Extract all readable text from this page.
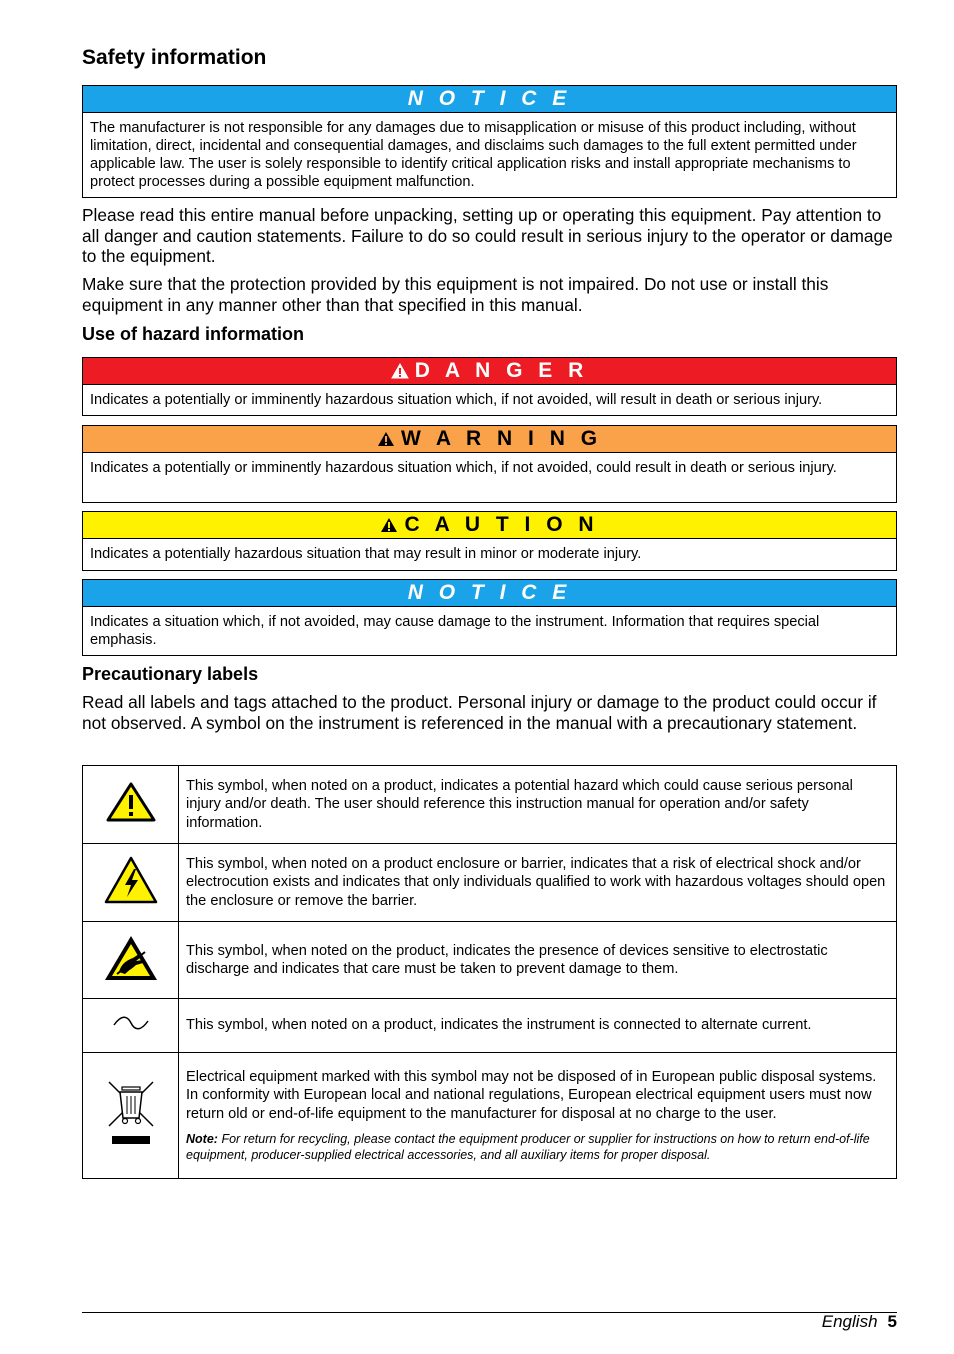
Safety information
N O T I C E
The manufacturer is not responsible for any damages due to misapplication or misuse of this product including, without limitation, direct, incidental and consequential damages, and disclaims such damages to the full extent permitted under applicable law. The user is solely responsible to identify critical application risks and install appropriate mechanisms to protect processes during a possible equipment malfunction.

Please read this entire manual before unpacking, setting up or operating this equipment. Pay attention to all danger and caution statements. Failure to do so could result in serious injury to the operator or damage to the equipment.

Make sure that the protection provided by this equipment is not impaired. Do not use or install this equipment in any manner other than that specified in this manual.

Use of hazard information
D A N G E R
Indicates a potentially or imminently hazardous situation which, if not avoided, will result in death or serious injury.
W A R N I N G
Indicates a potentially or imminently hazardous situation which, if not avoided, could result in death or serious injury.
C A U T I O N
Indicates a potentially hazardous situation that may result in minor or moderate injury.
N O T I C E
Indicates a situation which, if not avoided, may cause damage to the instrument. Information that requires special emphasis.
Precautionary labels

Read all labels and tags attached to the product. Personal injury or damage to the product could occur if not observed. A symbol on the instrument is referenced in the manual with a precautionary statement.

	This symbol, when noted on a product, indicates a potential hazard which could cause serious personal injury and/or death. The user should reference this instruction manual for operation and/or safety information.
	This symbol, when noted on a product enclosure or barrier, indicates that a risk of electrical shock and/or electrocution exists and indicates that only individuals qualified to work with hazardous voltages should open the enclosure or remove the barrier.
	This symbol, when noted on the product, indicates the presence of devices sensitive to electrostatic discharge and indicates that care must be taken to prevent damage to them.
	This symbol, when noted on a product, indicates the instrument is connected to alternate current.

Electrical equipment marked with this symbol may not be disposed of in European public disposal systems. In conformity with European local and national regulations, European electrical equipment users must now return old or end-of-life equipment to the manufacturer for disposal at no charge to the user.
Note: For return for recycling, please contact the equipment producer or supplier for instructions on how to return end-of-life equipment, producer-supplied electrical accessories, and all auxiliary items for proper disposal.
English 5
